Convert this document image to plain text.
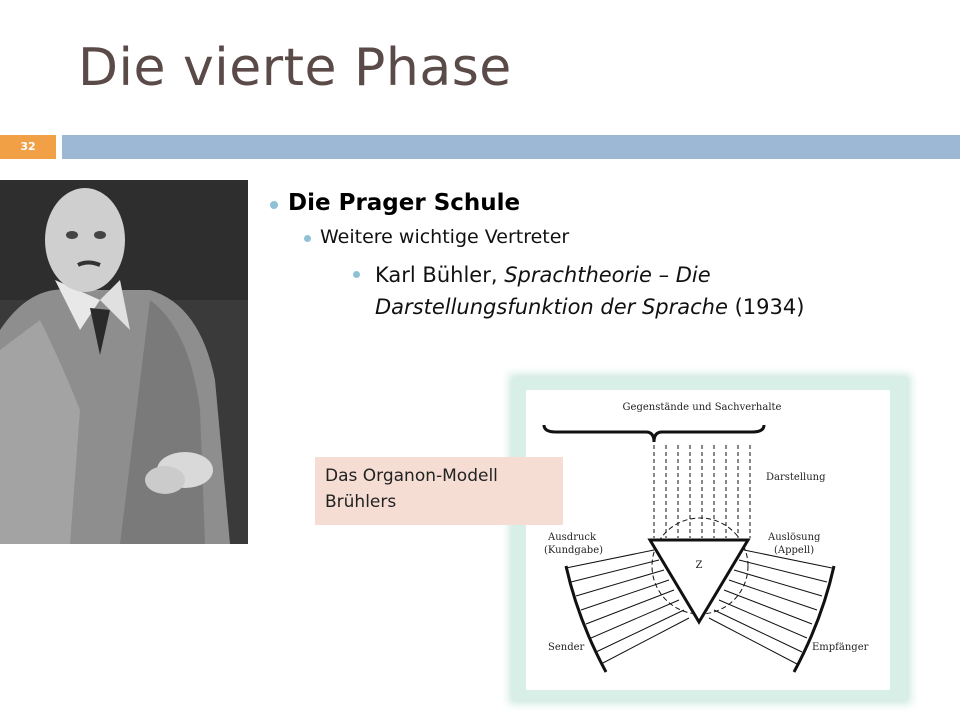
Die vierte Phase
32
Die Prager Schule
Weitere wichtige Vertreter
Karl Bühler, Sprachtheorie – Die Darstellungsfunktion der Sprache (1934)
Gegenstände und Sachverhalte
Darstellung
Z
Ausdruck
(Kundgabe)
Auslösung
(Appell)
Sender	Empfänger
Das Organon-Modell
Brühlers
